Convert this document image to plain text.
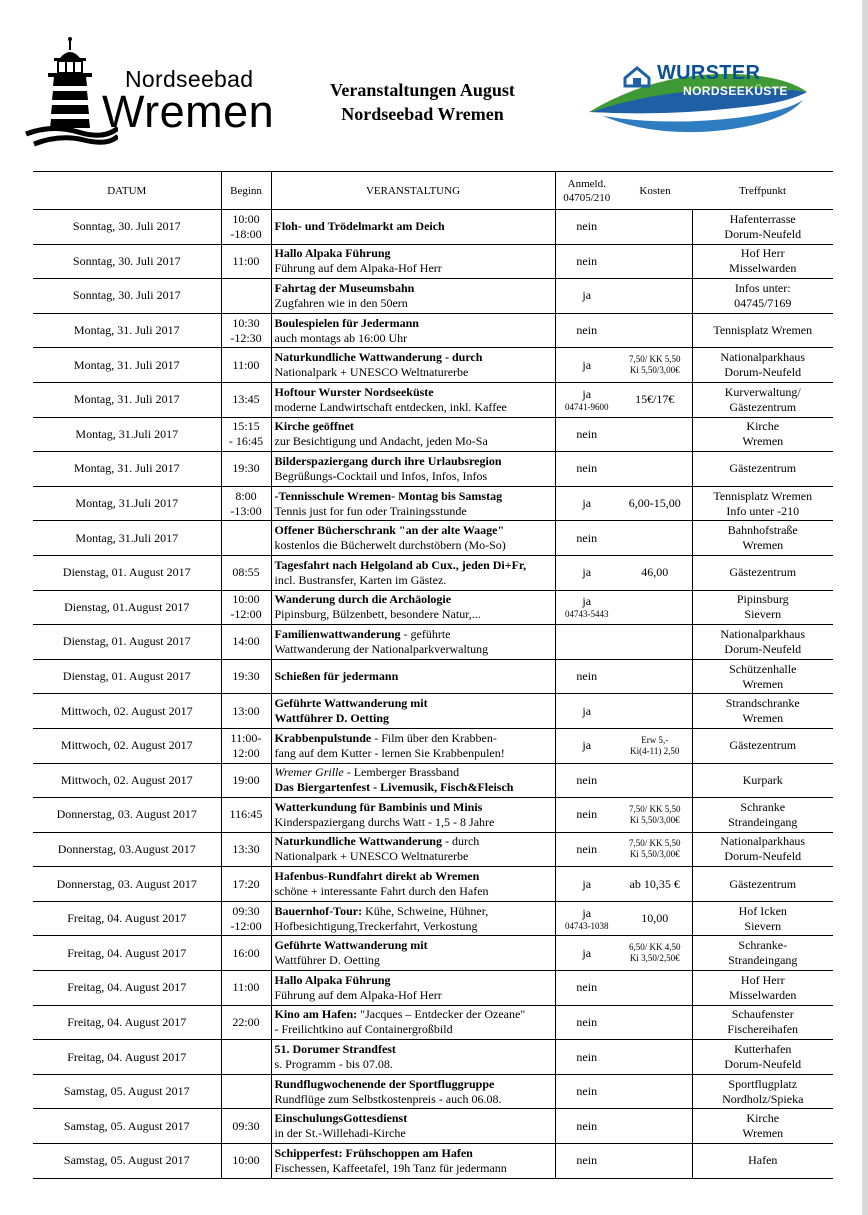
Nordseebad
Wremen	Veranstaltungen August
Nordseebad Wremen
WURSTER
NORDSEEKÜSTE
DATUM	Beginn	VERANSTALTUNG	Anmeld.
04705/210	Kosten	Treffpunkt
Sonntag, 30. Juli 2017	10:00
-18:00	Floh- und Trödelmarkt am Deich	nein		Hafenterrasse
Dorum-Neufeld

Sonntag, 30. Juli 2017	11:00	Hallo Alpaka Führung
Führung auf dem Alpaka-Hof Herr	nein		Hof Herr
Misselwarden

Sonntag, 30. Juli 2017		Fahrtag der Museumsbahn
Zugfahren wie in den 50ern	ja		Infos unter:
04745/7169

Montag, 31. Juli 2017	10:30
-12:30	Boulespielen für Jedermann
auch montags ab 16:00 Uhr	nein		Tennisplatz Wremen

Montag, 31. Juli 2017	11:00	Naturkundliche Wattwanderung - durch
Nationalpark + UNESCO Weltnaturerbe	ja	7,50/ KK 5,50
Ki 5,50/3,00€	Nationalparkhaus
Dorum-Neufeld

Montag, 31. Juli 2017	13:45	Hoftour Wurster Nordseeküste
moderne Landwirtschaft entdecken, inkl. Kaffee	ja
04741-9600	15€/17€	Kurverwaltung/
Gästezentrum

Montag, 31.Juli 2017	15:15
- 16:45	Kirche geöffnet
zur Besichtigung und Andacht, jeden Mo-Sa	nein		Kirche
Wremen

Montag, 31. Juli 2017	19:30	Bilderspaziergang durch ihre Urlaubsregion
Begrüßungs-Cocktail und Infos, Infos, Infos	nein		Gästezentrum

Montag, 31.Juli 2017	8:00
-13:00	-Tennisschule Wremen- Montag bis Samstag
Tennis just for fun oder Trainingsstunde	ja	6,00-15,00	Tennisplatz Wremen
Info unter -210

Montag, 31.Juli 2017		Offener Bücherschrank "an der alte Waage"
kostenlos die Bücherwelt durchstöbern (Mo-So)	nein		Bahnhofstraße
Wremen

Dienstag, 01. August 2017	08:55	Tagesfahrt nach Helgoland ab Cux., jeden Di+Fr,
incl. Bustransfer, Karten im Gästez.	ja	46,00	Gästezentrum

Dienstag, 01.August 2017	10:00
-12:00	Wanderung durch die Archäologie
Pipinsburg, Bülzenbett, besondere Natur,...	ja
04743-5443		Pipinsburg
Sievern

Dienstag, 01. August 2017	14:00	Familienwattwanderung - geführte
Wattwanderung der Nationalparkverwaltung			Nationalparkhaus
Dorum-Neufeld

Dienstag, 01. August 2017	19:30	Schießen für jedermann	nein		Schützenhalle
Wremen

Mittwoch, 02. August 2017	13:00	Geführte Wattwanderung mit
Wattführer D. Oetting	ja		Strandschranke
Wremen

Mittwoch, 02. August 2017	11:00-
12:00	Krabbenpulstunde - Film über den Krabben-
fang auf dem Kutter - lernen Sie Krabbenpulen!	ja	Erw 5,-
Ki(4-11) 2,50	Gästezentrum

Mittwoch, 02. August 2017	19:00	Wremer Grille - Lemberger Brassband
Das Biergartenfest - Livemusik, Fisch&Fleisch	nein		Kurpark

Donnerstag, 03. August 2017	116:45	Watterkundung für Bambinis und Minis
Kinderspaziergang durchs Watt - 1,5 - 8 Jahre	nein	7,50/ KK 5,50
Ki 5,50/3,00€	Schranke
Strandeingang

Donnerstag, 03.August 2017	13:30	Naturkundliche Wattwanderung - durch
Nationalpark + UNESCO Weltnaturerbe	nein	7,50/ KK 5,50
Ki 5,50/3,00€	Nationalparkhaus
Dorum-Neufeld

Donnerstag, 03. August 2017	17:20	Hafenbus-Rundfahrt direkt ab Wremen
schöne + interessante Fahrt durch den Hafen	ja	ab 10,35 €	Gästezentrum

Freitag, 04. August 2017	09:30
-12:00	Bauernhof-Tour: Kühe, Schweine, Hühner,
Hofbesichtigung,Treckerfahrt, Verkostung	ja
04743-1038	10,00	Hof Icken
Sievern

Freitag, 04. August 2017	16:00	Geführte Wattwanderung mit
Wattführer D. Oetting	ja	6,50/ KK 4,50
Ki 3,50/2,50€	Schranke-
Strandeingang

Freitag, 04. August 2017	11:00	Hallo Alpaka Führung
Führung auf dem Alpaka-Hof Herr	nein		Hof Herr
Misselwarden

Freitag, 04. August 2017	22:00	Kino am Hafen: "Jacques – Entdecker der Ozeane"
- Freilichtkino auf Containergroßbild	nein		Schaufenster
Fischereihafen

Freitag, 04. August 2017		51. Dorumer Strandfest
s. Programm - bis 07.08.	nein		Kutterhafen
Dorum-Neufeld

Samstag, 05. August 2017		Rundflugwochenende der Sportfluggruppe
Rundflüge zum Selbstkostenpreis - auch 06.08.	nein		Sportflugplatz
Nordholz/Spieka

Samstag, 05. August 2017	09:30	EinschulungsGottesdienst
in der St.-Willehadi-Kirche	nein		Kirche
Wremen

Samstag, 05. August 2017	10:00	Schipperfest: Frühschoppen am Hafen
Fischessen, Kaffeetafel, 19h Tanz für jedermann	nein		Hafen
